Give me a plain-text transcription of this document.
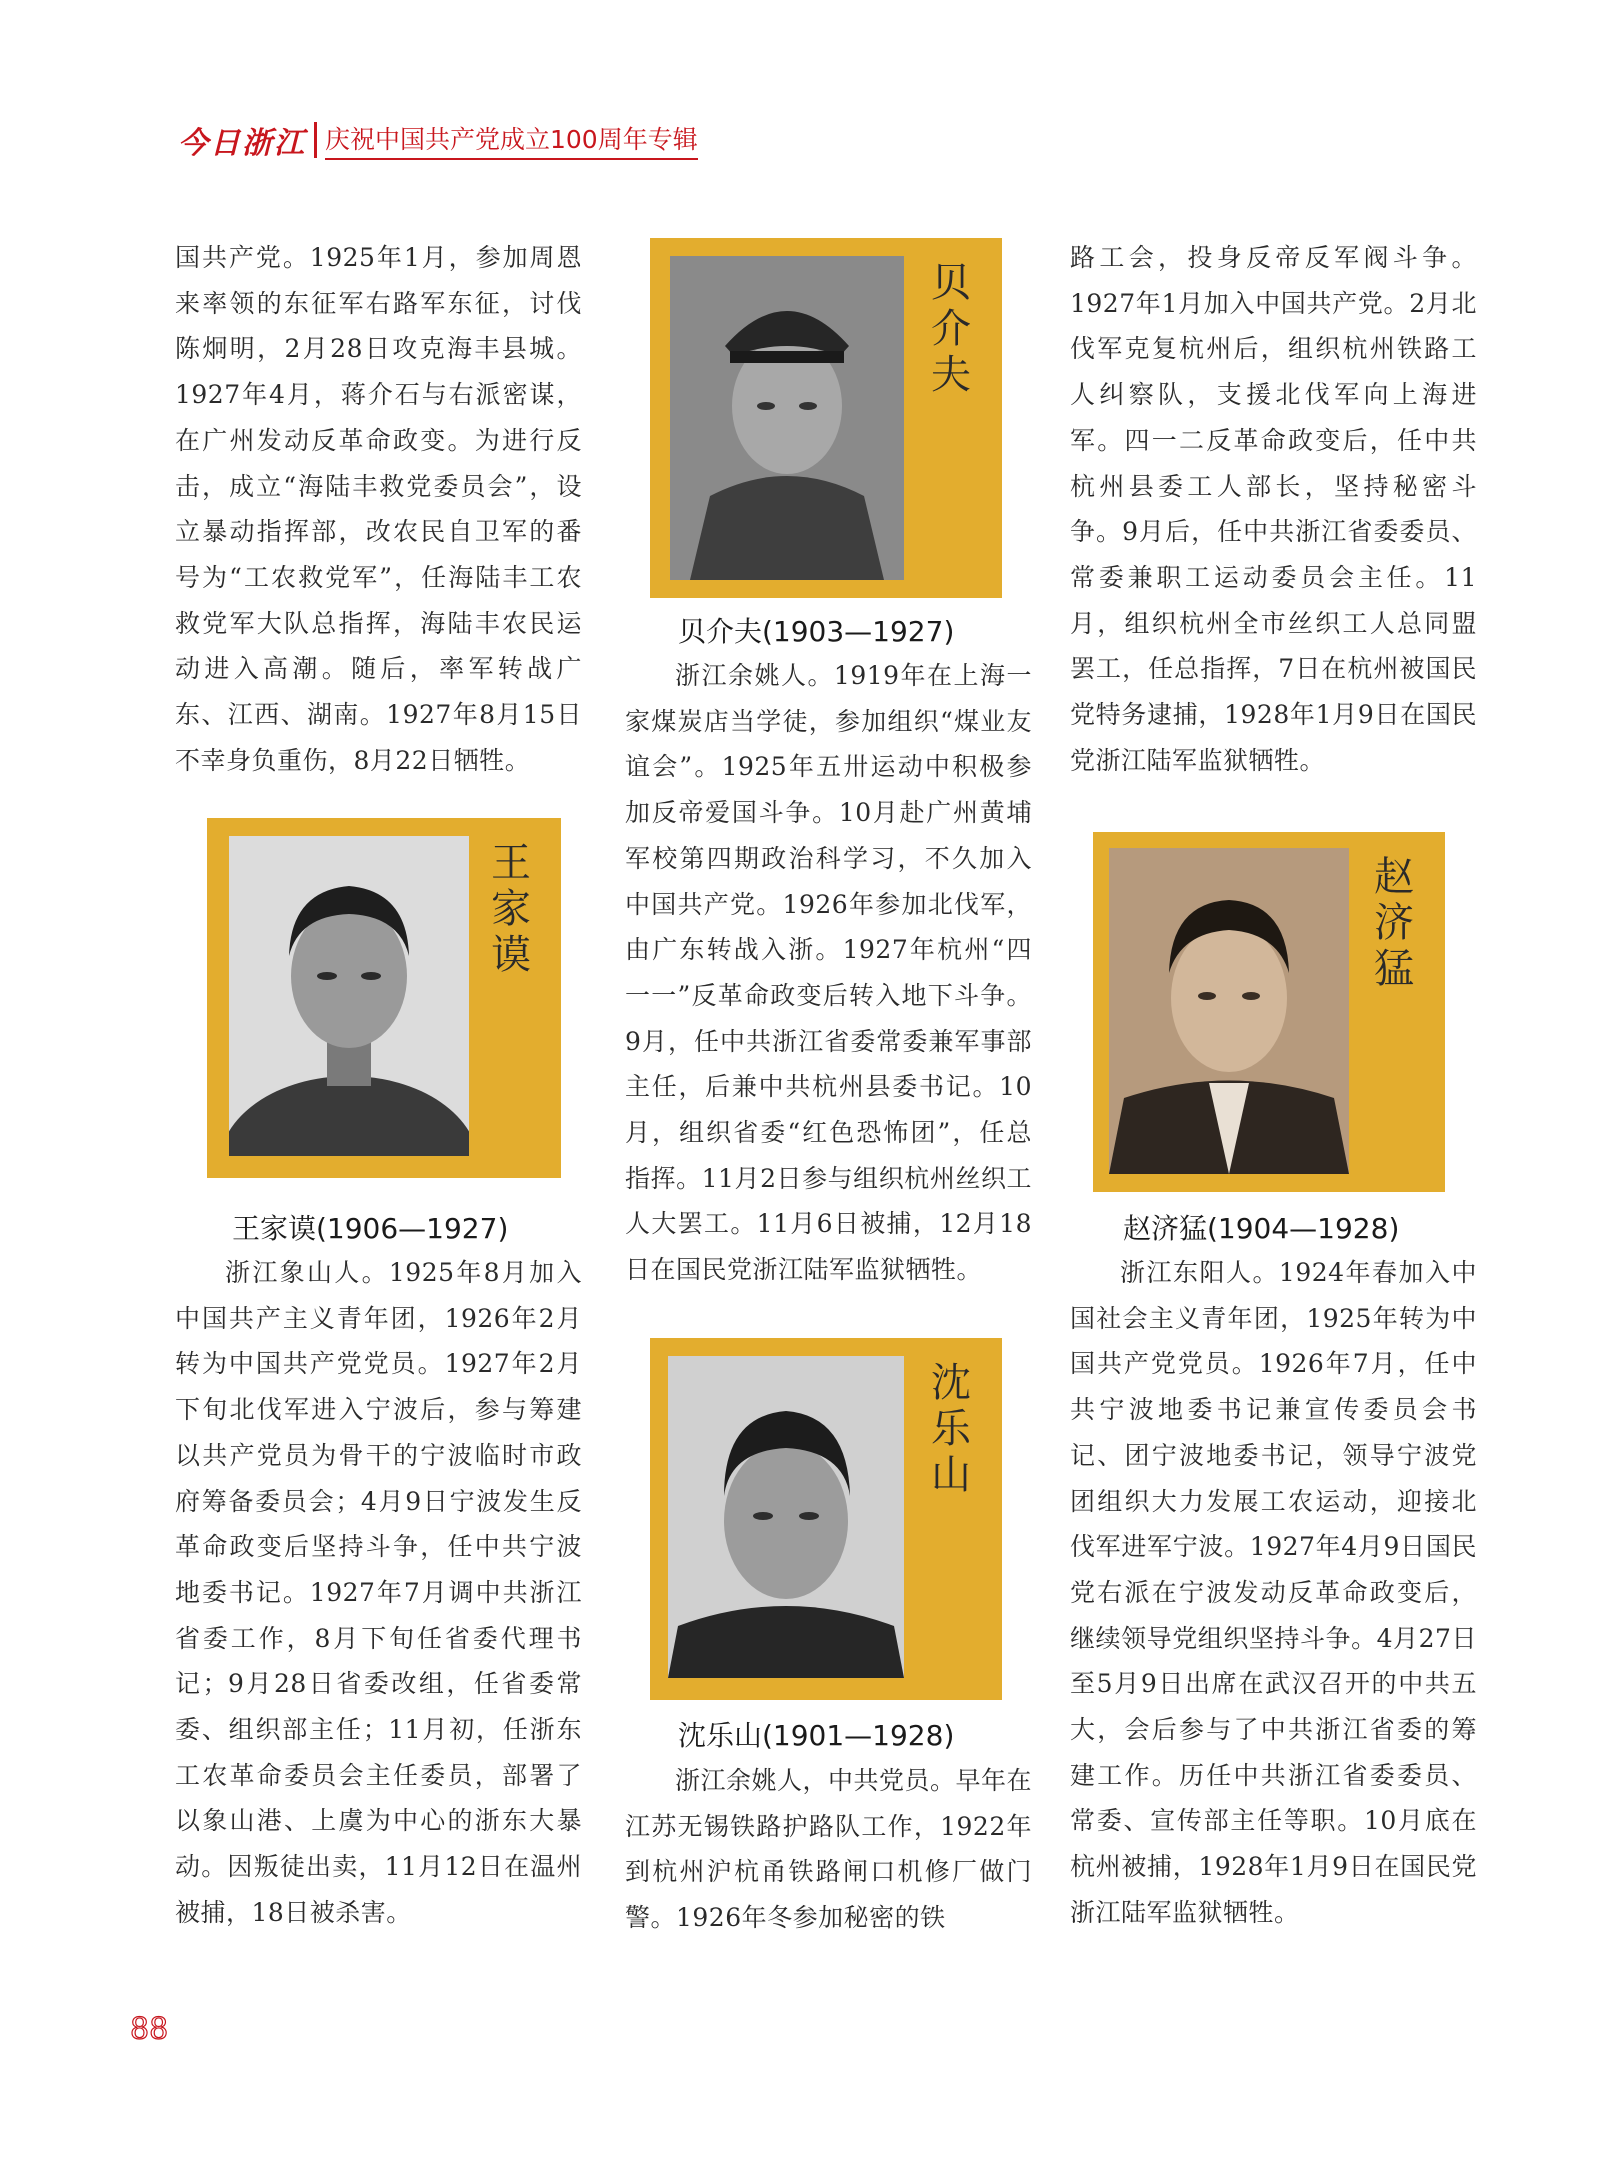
今日浙江 庆祝中国共产党成立100周年专辑

国共产党。1925年1月，参加周恩来率领的东征军右路军东征，讨伐陈炯明，2月28日攻克海丰县城。1927年4月，蒋介石与右派密谋，在广州发动反革命政变。为进行反击，成立“海陆丰救党委员会”，设立暴动指挥部，改农民自卫军的番号为“工农救党军”，任海陆丰工农救党军大队总指挥，海陆丰农民运动进入高潮。随后，率军转战广东、江西、湖南。1927年8月15日不幸身负重伤，8月22日牺牲。

王家谟

王家谟(1906—1927)

浙江象山人。1925年8月加入中国共产主义青年团，1926年2月转为中国共产党党员。1927年2月下旬北伐军进入宁波后，参与筹建以共产党员为骨干的宁波临时市政府筹备委员会；4月9日宁波发生反革命政变后坚持斗争，任中共宁波地委书记。1927年7月调中共浙江省委工作，8月下旬任省委代理书记；9月28日省委改组，任省委常委、组织部主任；11月初，任浙东工农革命委员会主任委员，部署了以象山港、上虞为中心的浙东大暴动。因叛徒出卖，11月12日在温州被捕，18日被杀害。

贝介夫

贝介夫(1903—1927)

浙江余姚人。1919年在上海一家煤炭店当学徒，参加组织“煤业友谊会”。1925年五卅运动中积极参加反帝爱国斗争。10月赴广州黄埔军校第四期政治科学习，不久加入中国共产党。1926年参加北伐军，由广东转战入浙。1927年杭州“四一一”反革命政变后转入地下斗争。9月，任中共浙江省委常委兼军事部主任，后兼中共杭州县委书记。10月，组织省委“红色恐怖团”，任总指挥。11月2日参与组织杭州丝织工人大罢工。11月6日被捕，12月18日在国民党浙江陆军监狱牺牲。

沈乐山

沈乐山(1901—1928)

浙江余姚人，中共党员。早年在江苏无锡铁路护路队工作，1922年到杭州沪杭甬铁路闸口机修厂做门警。1926年冬参加秘密的铁

路工会，投身反帝反军阀斗争。1927年1月加入中国共产党。2月北伐军克复杭州后，组织杭州铁路工人纠察队，支援北伐军向上海进军。四一二反革命政变后，任中共杭州县委工人部长，坚持秘密斗争。9月后，任中共浙江省委委员、常委兼职工运动委员会主任。11月，组织杭州全市丝织工人总同盟罢工，任总指挥，7日在杭州被国民党特务逮捕，1928年1月9日在国民党浙江陆军监狱牺牲。

赵济猛

赵济猛(1904—1928)

浙江东阳人。1924年春加入中国社会主义青年团，1925年转为中国共产党党员。1926年7月，任中共宁波地委书记兼宣传委员会书记、团宁波地委书记，领导宁波党团组织大力发展工农运动，迎接北伐军进军宁波。1927年4月9日国民党右派在宁波发动反革命政变后，继续领导党组织坚持斗争。4月27日至5月9日出席在武汉召开的中共五大，会后参与了中共浙江省委的筹建工作。历任中共浙江省委委员、常委、宣传部主任等职。10月底在杭州被捕，1928年1月9日在国民党浙江陆军监狱牺牲。

88
